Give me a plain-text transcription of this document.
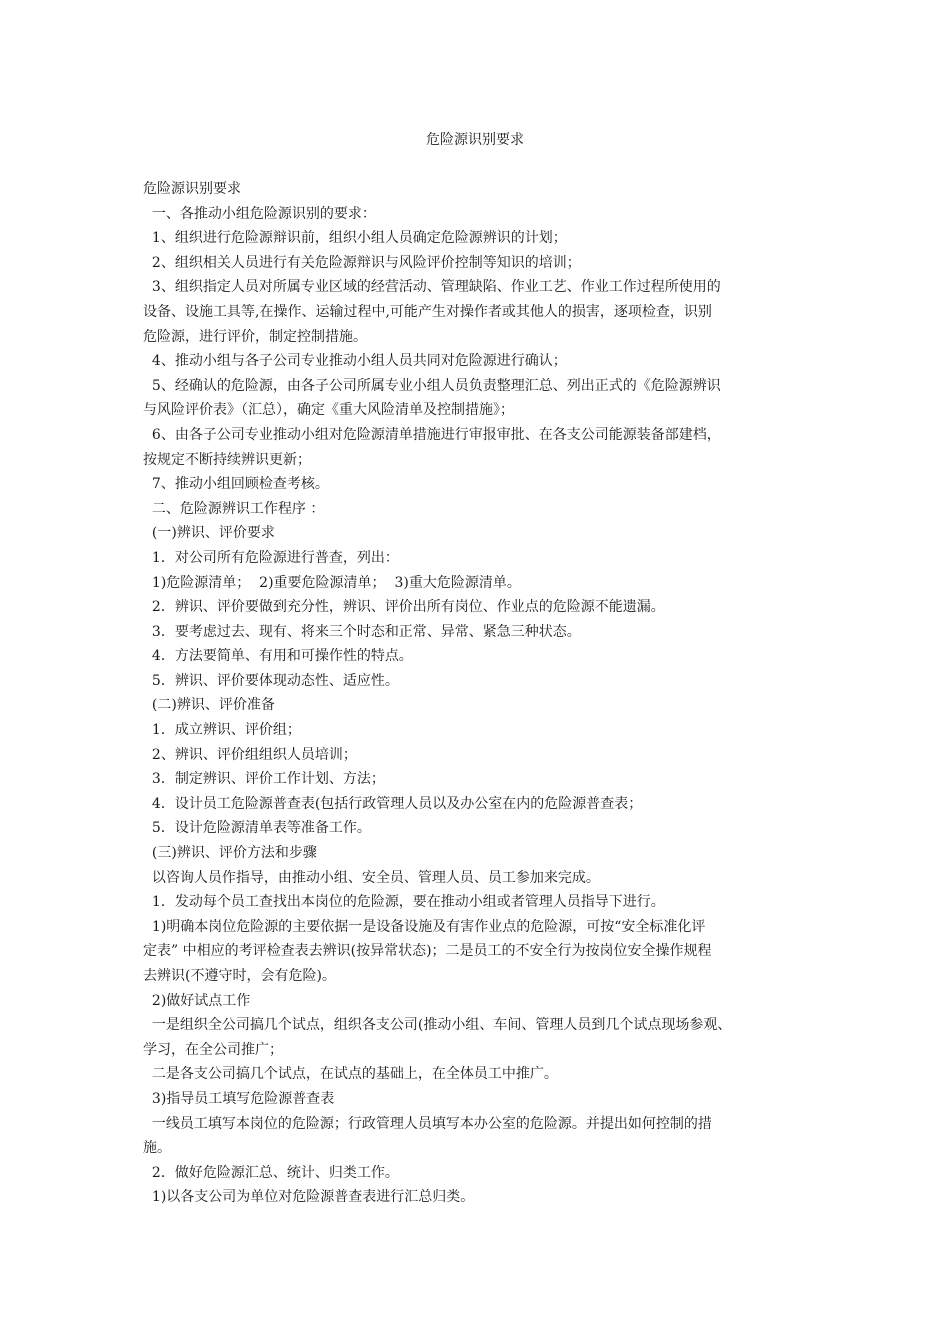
危险源识别要求

危险源识别要求

一、各推动小组危险源识别的要求：

1、组织进行危险源辩识前，组织小组人员确定危险源辨识的计划；

2、组织相关人员进行有关危险源辩识与风险评价控制等知识的培训；

3、组织指定人员对所属专业区域的经营活动、管理缺陷、作业工艺、作业工作过程所使用的

设备、设施工具等,在操作、运输过程中,可能产生对操作者或其他人的损害，逐项检查，识别

危险源，进行评价，制定控制措施。

4、推动小组与各子公司专业推动小组人员共同对危险源进行确认；

5、经确认的危险源，由各子公司所属专业小组人员负责整理汇总、列出正式的《危险源辨识

与风险评价表》（汇总），确定《重大风险清单及控制措施》；

6、由各子公司专业推动小组对危险源清单措施进行审报审批、在各支公司能源装备部建档，

按规定不断持续辨识更新；

7、推动小组回顾检查考核。

二、危险源辨识工作程序 ：

(一)辨识、评价要求

1．对公司所有危险源进行普查，列出：

1)危险源清单；  2)重要危险源清单；  3)重大危险源清单。

2．辨识、评价要做到充分性，辨识、评价出所有岗位、作业点的危险源不能遗漏。

3．要考虑过去、现有、将来三个时态和正常、异常、紧急三种状态。

4．方法要简单、有用和可操作性的特点。

5．辨识、评价要体现动态性、适应性。

(二)辨识、评价准备

1．成立辨识、评价组；

2、辨识、评价组组织人员培训；

3．制定辨识、评价工作计划、方法；

4．设计员工危险源普查表(包括行政管理人员以及办公室在内的危险源普查表；

5．设计危险源清单表等准备工作。

(三)辨识、评价方法和步骤

以咨询人员作指导，由推动小组、安全员、管理人员、员工参加来完成。

1．发动每个员工查找出本岗位的危险源，要在推动小组或者管理人员指导下进行。

1)明确本岗位危险源的主要依据一是设备设施及有害作业点的危险源，可按“安全标准化评

定表” 中相应的考评检查表去辨识(按异常状态)；二是员工的不安全行为按岗位安全操作规程

去辨识(不遵守时，会有危险)。

2)做好试点工作

一是组织全公司搞几个试点，组织各支公司(推动小组、车间、管理人员到几个试点现场参观、

学习，在全公司推广；

二是各支公司搞几个试点，在试点的基础上，在全体员工中推广。

3)指导员工填写危险源普查表

一线员工填写本岗位的危险源；行政管理人员填写本办公室的危险源。并提出如何控制的措

施。

2．做好危险源汇总、统计、归类工作。

1)以各支公司为单位对危险源普查表进行汇总归类。
